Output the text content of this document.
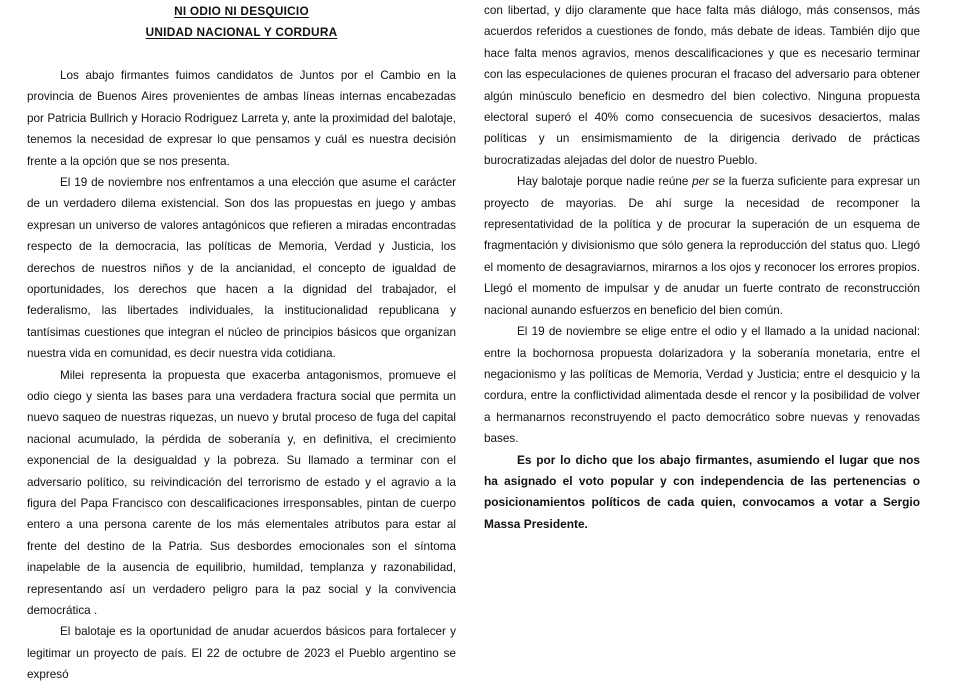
NI ODIO NI DESQUICIO
UNIDAD NACIONAL Y CORDURA

Los abajo firmantes fuimos candidatos de Juntos por el Cambio en la provincia de Buenos Aires provenientes de ambas líneas internas encabezadas por Patricia Bullrich y Horacio Rodriguez Larreta y, ante la proximidad del balotaje, tenemos la necesidad de expresar lo que pensamos y cuál es nuestra decisión frente a la opción que se nos presenta.

El 19 de noviembre nos enfrentamos a una elección que asume el carácter de un verdadero dilema existencial. Son dos las propuestas en juego y ambas expresan un universo de valores antagónicos que refieren a miradas encontradas respecto de la democracia, las políticas de Memoria, Verdad y Justicia, los derechos de nuestros niños y de la ancianidad, el concepto de igualdad de oportunidades, los derechos que hacen a la dignidad del trabajador, el federalismo, las libertades individuales, la institucionalidad republicana y tantísimas cuestiones que integran el núcleo de principios básicos que organizan nuestra vida en comunidad, es decir nuestra vida cotidiana.

Milei representa la propuesta que exacerba antagonismos, promueve el odio ciego y sienta las bases para una verdadera fractura social que permita un nuevo saqueo de nuestras riquezas, un nuevo y brutal proceso de fuga del capital nacional acumulado, la pérdida de soberanía y, en definitiva, el crecimiento exponencial de la desigualdad y la pobreza. Su llamado a terminar con el adversario político, su reivindicación del terrorismo de estado y el agravio a la figura del Papa Francisco con descalificaciones irresponsables, pintan de cuerpo entero a una persona carente de los más elementales atributos para estar al frente del destino de la Patria. Sus desbordes emocionales son el síntoma inapelable de la ausencia de equilibrio, humildad, templanza y razonabilidad, representando así un verdadero peligro para la paz social y la convivencia democrática .

El balotaje es la oportunidad de anudar acuerdos básicos para fortalecer y legitimar un proyecto de país. El 22 de octubre de 2023 el Pueblo argentino se expresó

con libertad, y dijo claramente que hace falta más diálogo, más consensos, más acuerdos referidos a cuestiones de fondo, más debate de ideas. También dijo que hace falta menos agravios, menos descalificaciones y que es necesario terminar con las especulaciones de quienes procuran el fracaso del adversario para obtener algún minúsculo beneficio en desmedro del bien colectivo. Ninguna propuesta electoral superó el 40% como consecuencia de sucesivos desaciertos, malas políticas y un ensimismamiento de la dirigencia derivado de prácticas burocratizadas alejadas del dolor de nuestro Pueblo.

Hay balotaje porque nadie reúne per se la fuerza suficiente para expresar un proyecto de mayorias. De ahí surge la necesidad de recomponer la representatividad de la política y de procurar la superación de un esquema de fragmentación y divisionismo que sólo genera la reproducción del status quo. Llegó el momento de desagraviarnos, mirarnos a los ojos y reconocer los errores propios. Llegó el momento de impulsar y de anudar un fuerte contrato de reconstrucción nacional aunando esfuerzos en beneficio del bien común.

El 19 de noviembre se elige entre el odio y el llamado a la unidad nacional: entre la bochornosa propuesta dolarizadora y la soberanía monetaria, entre el negacionismo y las políticas de Memoria, Verdad y Justicia; entre el desquicio y la cordura, entre la conflictividad alimentada desde el rencor y la posibilidad de volver a hermanarnos reconstruyendo el pacto democrático sobre nuevas y renovadas bases.

Es por lo dicho que los abajo firmantes, asumiendo el lugar que nos ha asignado el voto popular y con independencia de las pertenencias o posicionamientos políticos de cada quien, convocamos a votar a Sergio Massa Presidente.
